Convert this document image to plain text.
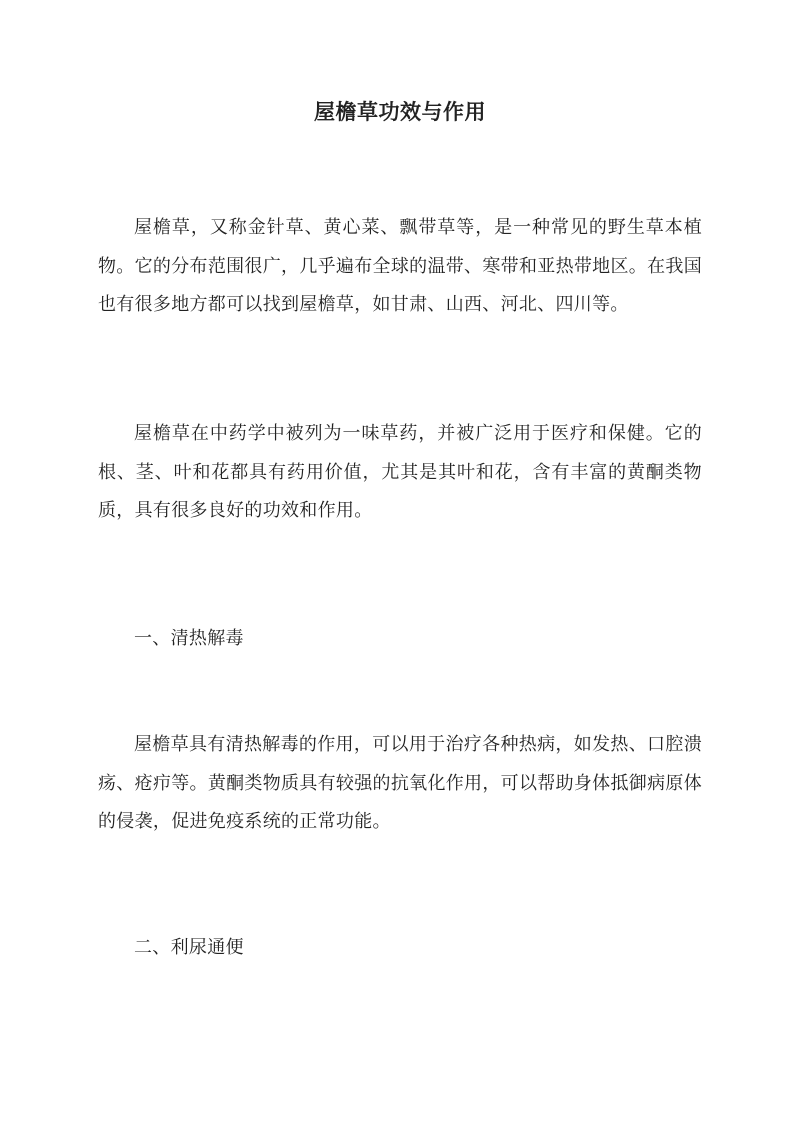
屋檐草功效与作用
屋檐草，又称金针草、黄心菜、飘带草等，是一种常见的野生草本植物。它的分布范围很广，几乎遍布全球的温带、寒带和亚热带地区。在我国也有很多地方都可以找到屋檐草，如甘肃、山西、河北、四川等。
屋檐草在中药学中被列为一味草药，并被广泛用于医疗和保健。它的根、茎、叶和花都具有药用价值，尤其是其叶和花，含有丰富的黄酮类物质，具有很多良好的功效和作用。
一、清热解毒
屋檐草具有清热解毒的作用，可以用于治疗各种热病，如发热、口腔溃疡、疮疖等。黄酮类物质具有较强的抗氧化作用，可以帮助身体抵御病原体的侵袭，促进免疫系统的正常功能。
二、利尿通便
